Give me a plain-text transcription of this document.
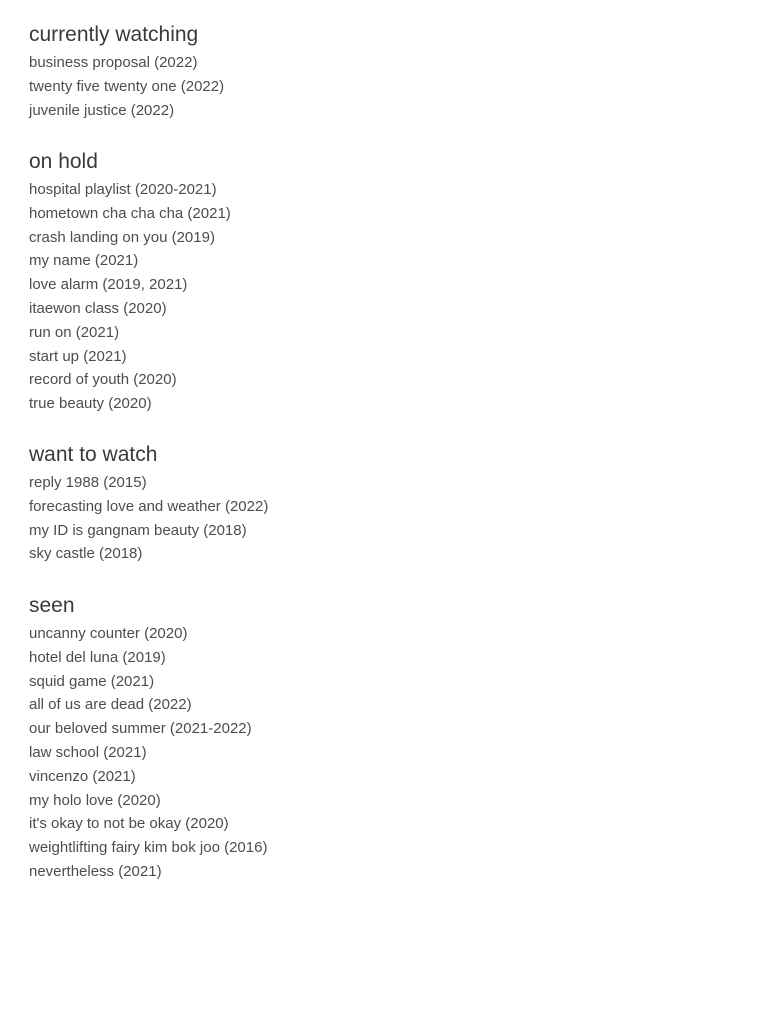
currently watching
business proposal (2022)
twenty five twenty one (2022)
juvenile justice (2022)
on hold
hospital playlist (2020-2021)
hometown cha cha cha (2021)
crash landing on you (2019)
my name (2021)
love alarm (2019, 2021)
itaewon class (2020)
run on (2021)
start up (2021)
record of youth (2020)
true beauty (2020)
want to watch
reply 1988 (2015)
forecasting love and weather (2022)
my ID is gangnam beauty (2018)
sky castle (2018)
seen
uncanny counter (2020)
hotel del luna (2019)
squid game (2021)
all of us are dead (2022)
our beloved summer (2021-2022)
law school (2021)
vincenzo (2021)
my holo love (2020)
it's okay to not be okay (2020)
weightlifting fairy kim bok joo (2016)
nevertheless (2021)
